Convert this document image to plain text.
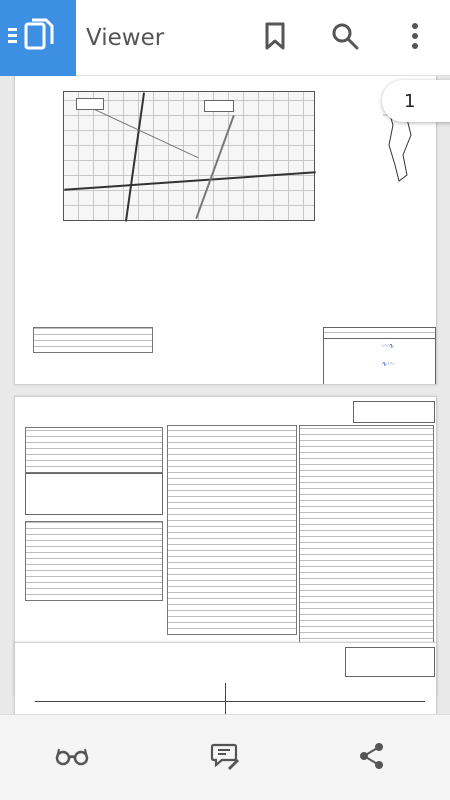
Viewer
1
〰∿
∿〰
